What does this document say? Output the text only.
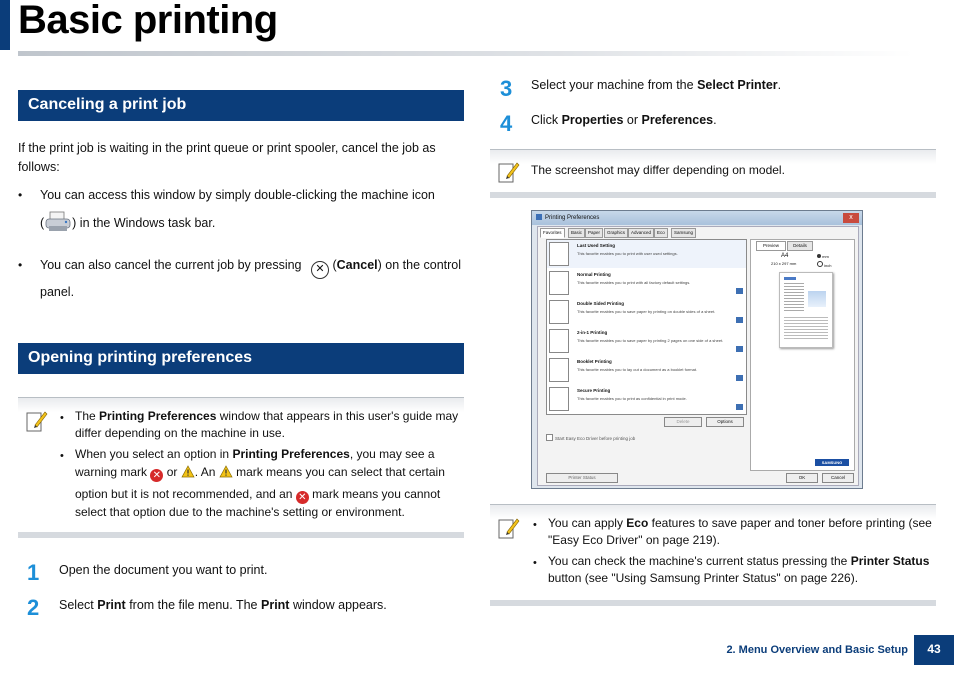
Basic printing
Canceling a print job
If the print job is waiting in the print queue or print spooler, cancel the job as follows:
• You can access this window by simply double-clicking the machine icon
( ) in the Windows task bar.
• You can also cancel the current job by pressing ✕ (Cancel) on the control
panel.
Opening printing preferences
• The Printing Preferences window that appears in this user's guide may differ depending on the machine in use.
• When you select an option in Printing Preferences, you may see a
warning mark ✕ or . An mark means you can select that certain
option but it is not recommended, and an ✕ mark means you cannot select that option due to the machine's setting or environment.
1 Open the document you want to print.
2 Select Print from the file menu. The Print window appears.
3 Select your machine from the Select Printer.
4 Click Properties or Preferences.
The screenshot may differ depending on model.
Printing Preferences	x
Favorites	Basic	Paper	Graphics	Advanced	Eco	Samsung
Last Used Setting
This favorite enables you to print with user used settings.
Normal Printing
This favorite enables you to print with all factory default settings.
Double Sided Printing
This favorite enables you to save paper by printing on double sides of a sheet.
2-in-1 Printing
This favorite enables you to save paper by printing 2 pages on one side of a sheet.
Booklet Printing
This favorite enables you to lay out a document as a booklet format.
Secure Printing
This favorite enables you to print as confidential in print mode.
Delete	Options
Start Easy Eco Driver before printing job
Preview	Details
A4
210 x 297 mm
mm
inch
SAMSUNG
Printer Status	OK	Cancel
• You can apply Eco features to save paper and toner before printing (see "Easy Eco Driver" on page 219).
• You can check the machine's current status pressing the Printer Status button (see "Using Samsung Printer Status" on page 226).
2. Menu Overview and Basic Setup	43
